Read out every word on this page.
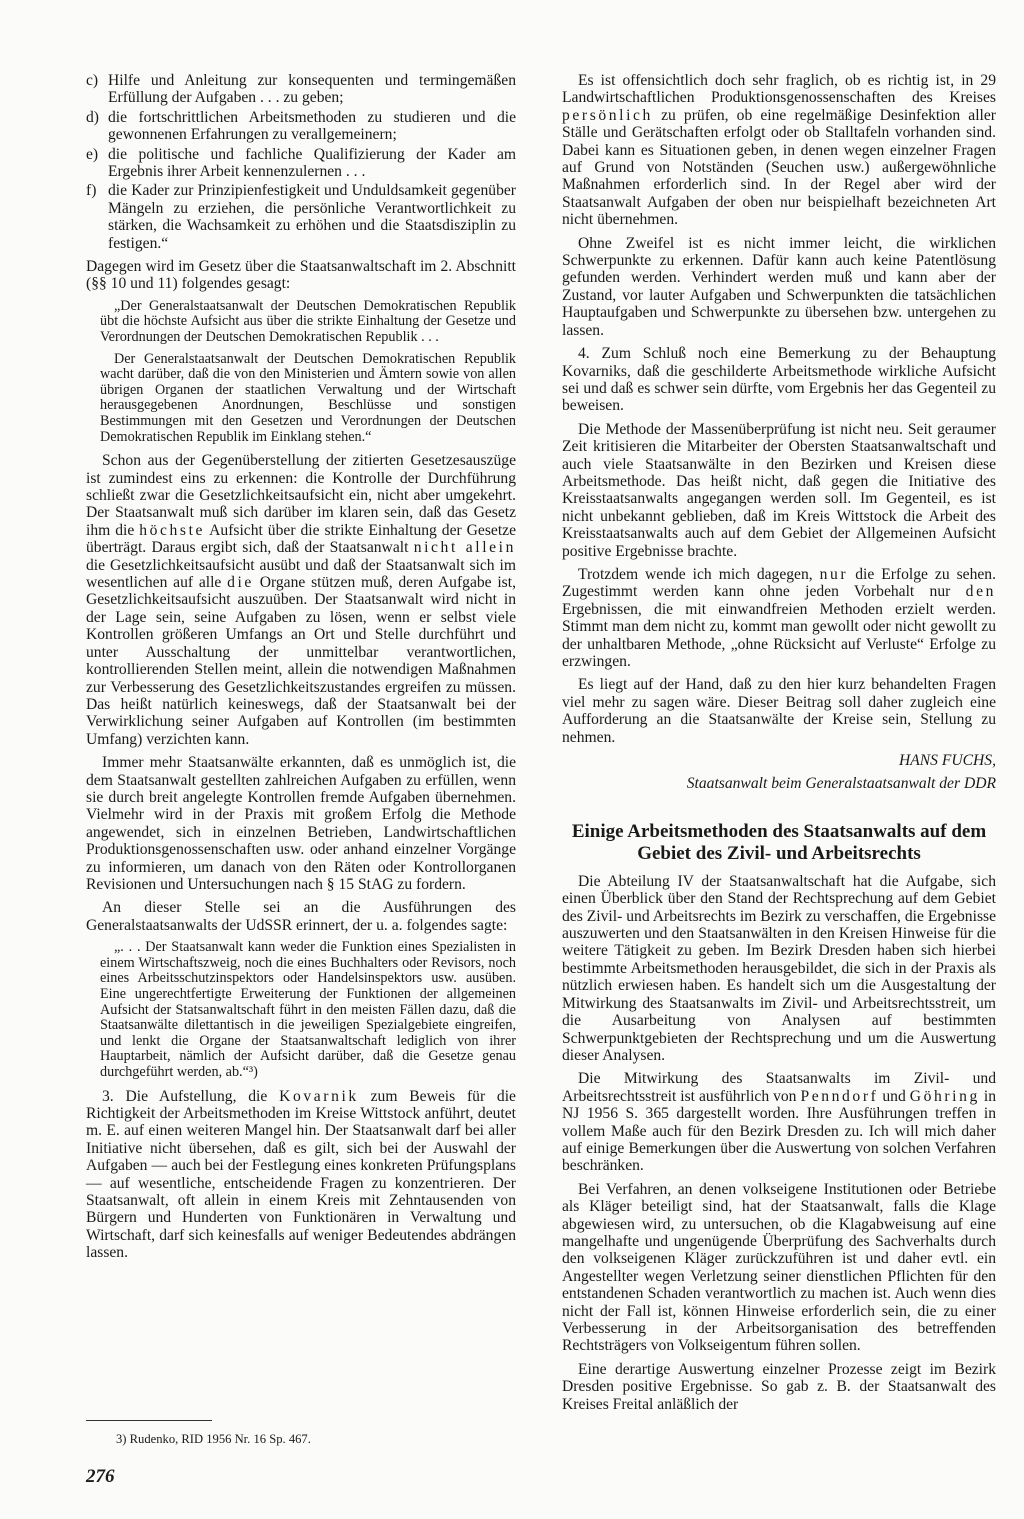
c) Hilfe und Anleitung zur konsequenten und termingemäßen Erfüllung der Aufgaben . . . zu geben;
d) die fortschrittlichen Arbeitsmethoden zu studieren und die gewonnenen Erfahrungen zu verallgemeinern;
e) die politische und fachliche Qualifizierung der Kader am Ergebnis ihrer Arbeit kennenzulernen . . .
f) die Kader zur Prinzipienfestigkeit und Unduldsamkeit gegenüber Mängeln zu erziehen, die persönliche Verantwortlichkeit zu stärken, die Wachsamkeit zu erhöhen und die Staatsdisziplin zu festigen.“

Dagegen wird im Gesetz über die Staatsanwaltschaft im 2. Abschnitt (§§ 10 und 11) folgendes gesagt:

„Der Generalstaatsanwalt der Deutschen Demokratischen Republik übt die höchste Aufsicht aus über die strikte Einhaltung der Gesetze und Verordnungen der Deutschen Demokratischen Republik . . .

Der Generalstaatsanwalt der Deutschen Demokratischen Republik wacht darüber, daß die von den Ministerien und Ämtern sowie von allen übrigen Organen der staatlichen Verwaltung und der Wirtschaft herausgegebenen Anordnungen, Beschlüsse und sonstigen Bestimmungen mit den Gesetzen und Verordnungen der Deutschen Demokratischen Republik im Einklang stehen.“

Schon aus der Gegenüberstellung der zitierten Gesetzesauszüge ist zumindest eins zu erkennen: die Kontrolle der Durchführung schließt zwar die Gesetzlichkeitsaufsicht ein, nicht aber umgekehrt. Der Staatsanwalt muß sich darüber im klaren sein, daß das Gesetz ihm die höchste Aufsicht über die strikte Einhaltung der Gesetze überträgt. Daraus ergibt sich, daß der Staatsanwalt nicht allein die Gesetzlichkeitsaufsicht ausübt und daß der Staatsanwalt sich im wesentlichen auf alle die Organe stützen muß, deren Aufgabe ist, Gesetzlichkeitsaufsicht auszuüben. Der Staatsanwalt wird nicht in der Lage sein, seine Aufgaben zu lösen, wenn er selbst viele Kontrollen größeren Umfangs an Ort und Stelle durchführt und unter Ausschaltung der unmittelbar verantwortlichen, kontrollierenden Stellen meint, allein die notwendigen Maßnahmen zur Verbesserung des Gesetzlichkeitszustandes ergreifen zu müssen. Das heißt natürlich keineswegs, daß der Staatsanwalt bei der Verwirklichung seiner Aufgaben auf Kontrollen (im bestimmten Umfang) verzichten kann.

Immer mehr Staatsanwälte erkannten, daß es unmöglich ist, die dem Staatsanwalt gestellten zahlreichen Aufgaben zu erfüllen, wenn sie durch breit angelegte Kontrollen fremde Aufgaben übernehmen. Vielmehr wird in der Praxis mit großem Erfolg die Methode angewendet, sich in einzelnen Betrieben, Landwirtschaftlichen Produktionsgenossenschaften usw. oder anhand einzelner Vorgänge zu informieren, um danach von den Räten oder Kontrollorganen Revisionen und Untersuchungen nach § 15 StAG zu fordern.

An dieser Stelle sei an die Ausführungen des Generalstaatsanwalts der UdSSR erinnert, der u. a. folgendes sagte:

„. . . Der Staatsanwalt kann weder die Funktion eines Spezialisten in einem Wirtschaftszweig, noch die eines Buchhalters oder Revisors, noch eines Arbeitsschutzinspektors oder Handelsinspektors usw. ausüben. Eine ungerechtfertigte Erweiterung der Funktionen der allgemeinen Aufsicht der Statsanwaltschaft führt in den meisten Fällen dazu, daß die Staatsanwälte dilettantisch in die jeweiligen Spezialgebiete eingreifen, und lenkt die Organe der Staatsanwaltschaft lediglich von ihrer Hauptarbeit, nämlich der Aufsicht darüber, daß die Gesetze genau durchgeführt werden, ab.“³)

3. Die Aufstellung, die Kovarnik zum Beweis für die Richtigkeit der Arbeitsmethoden im Kreise Wittstock anführt, deutet m. E. auf einen weiteren Mangel hin. Der Staatsanwalt darf bei aller Initiative nicht übersehen, daß es gilt, sich bei der Auswahl der Aufgaben — auch bei der Festlegung eines konkreten Prüfungsplans — auf wesentliche, entscheidende Fragen zu konzentrieren. Der Staatsanwalt, oft allein in einem Kreis mit Zehntausenden von Bürgern und Hunderten von Funktionären in Verwaltung und Wirtschaft, darf sich keinesfalls auf weniger Bedeutendes abdrängen lassen.

Es ist offensichtlich doch sehr fraglich, ob es richtig ist, in 29 Landwirtschaftlichen Produktionsgenossenschaften des Kreises persönlich zu prüfen, ob eine regelmäßige Desinfektion aller Ställe und Gerätschaften erfolgt oder ob Stalltafeln vorhanden sind. Dabei kann es Situationen geben, in denen wegen einzelner Fragen auf Grund von Notständen (Seuchen usw.) außergewöhnliche Maßnahmen erforderlich sind. In der Regel aber wird der Staatsanwalt Aufgaben der oben nur beispielhaft bezeichneten Art nicht übernehmen.

Ohne Zweifel ist es nicht immer leicht, die wirklichen Schwerpunkte zu erkennen. Dafür kann auch keine Patentlösung gefunden werden. Verhindert werden muß und kann aber der Zustand, vor lauter Aufgaben und Schwerpunkten die tatsächlichen Hauptaufgaben und Schwerpunkte zu übersehen bzw. untergehen zu lassen.

4. Zum Schluß noch eine Bemerkung zu der Behauptung Kovarniks, daß die geschilderte Arbeitsmethode wirkliche Aufsicht sei und daß es schwer sein dürfte, vom Ergebnis her das Gegenteil zu beweisen.

Die Methode der Massenüberprüfung ist nicht neu. Seit geraumer Zeit kritisieren die Mitarbeiter der Obersten Staatsanwaltschaft und auch viele Staatsanwälte in den Bezirken und Kreisen diese Arbeitsmethode. Das heißt nicht, daß gegen die Initiative des Kreisstaatsanwalts angegangen werden soll. Im Gegenteil, es ist nicht unbekannt geblieben, daß im Kreis Wittstock die Arbeit des Kreisstaatsanwalts auch auf dem Gebiet der Allgemeinen Aufsicht positive Ergebnisse brachte.

Trotzdem wende ich mich dagegen, nur die Erfolge zu sehen. Zugestimmt werden kann ohne jeden Vorbehalt nur den Ergebnissen, die mit einwandfreien Methoden erzielt werden. Stimmt man dem nicht zu, kommt man gewollt oder nicht gewollt zu der unhaltbaren Methode, „ohne Rücksicht auf Verluste“ Erfolge zu erzwingen.

Es liegt auf der Hand, daß zu den hier kurz behandelten Fragen viel mehr zu sagen wäre. Dieser Beitrag soll daher zugleich eine Aufforderung an die Staatsanwälte der Kreise sein, Stellung zu nehmen.

HANS FUCHS,

Staatsanwalt beim Generalstaatsanwalt der DDR

Einige Arbeitsmethoden des Staatsanwalts auf dem Gebiet des Zivil- und Arbeitsrechts

Die Abteilung IV der Staatsanwaltschaft hat die Aufgabe, sich einen Überblick über den Stand der Rechtsprechung auf dem Gebiet des Zivil- und Arbeitsrechts im Bezirk zu verschaffen, die Ergebnisse auszuwerten und den Staatsanwälten in den Kreisen Hinweise für die weitere Tätigkeit zu geben. Im Bezirk Dresden haben sich hierbei bestimmte Arbeitsmethoden herausgebildet, die sich in der Praxis als nützlich erwiesen haben. Es handelt sich um die Ausgestaltung der Mitwirkung des Staatsanwalts im Zivil- und Arbeitsrechtsstreit, um die Ausarbeitung von Analysen auf bestimmten Schwerpunktgebieten der Rechtsprechung und um die Auswertung dieser Analysen.

Die Mitwirkung des Staatsanwalts im Zivil- und Arbeitsrechtsstreit ist ausführlich von Penndorf und Göhring in NJ 1956 S. 365 dargestellt worden. Ihre Ausführungen treffen in vollem Maße auch für den Bezirk Dresden zu. Ich will mich daher auf einige Bemerkungen über die Auswertung von solchen Verfahren beschränken.

Bei Verfahren, an denen volkseigene Institutionen oder Betriebe als Kläger beteiligt sind, hat der Staatsanwalt, falls die Klage abgewiesen wird, zu untersuchen, ob die Klagabweisung auf eine mangelhafte und ungenügende Überprüfung des Sachverhalts durch den volkseigenen Kläger zurückzuführen ist und daher evtl. ein Angestellter wegen Verletzung seiner dienstlichen Pflichten für den entstandenen Schaden verantwortlich zu machen ist. Auch wenn dies nicht der Fall ist, können Hinweise erforderlich sein, die zu einer Verbesserung in der Arbeitsorganisation des betreffenden Rechtsträgers von Volkseigentum führen sollen.

Eine derartige Auswertung einzelner Prozesse zeigt im Bezirk Dresden positive Ergebnisse. So gab z. B. der Staatsanwalt des Kreises Freital anläßlich der

3) Rudenko, RID 1956 Nr. 16 Sp. 467.
276
